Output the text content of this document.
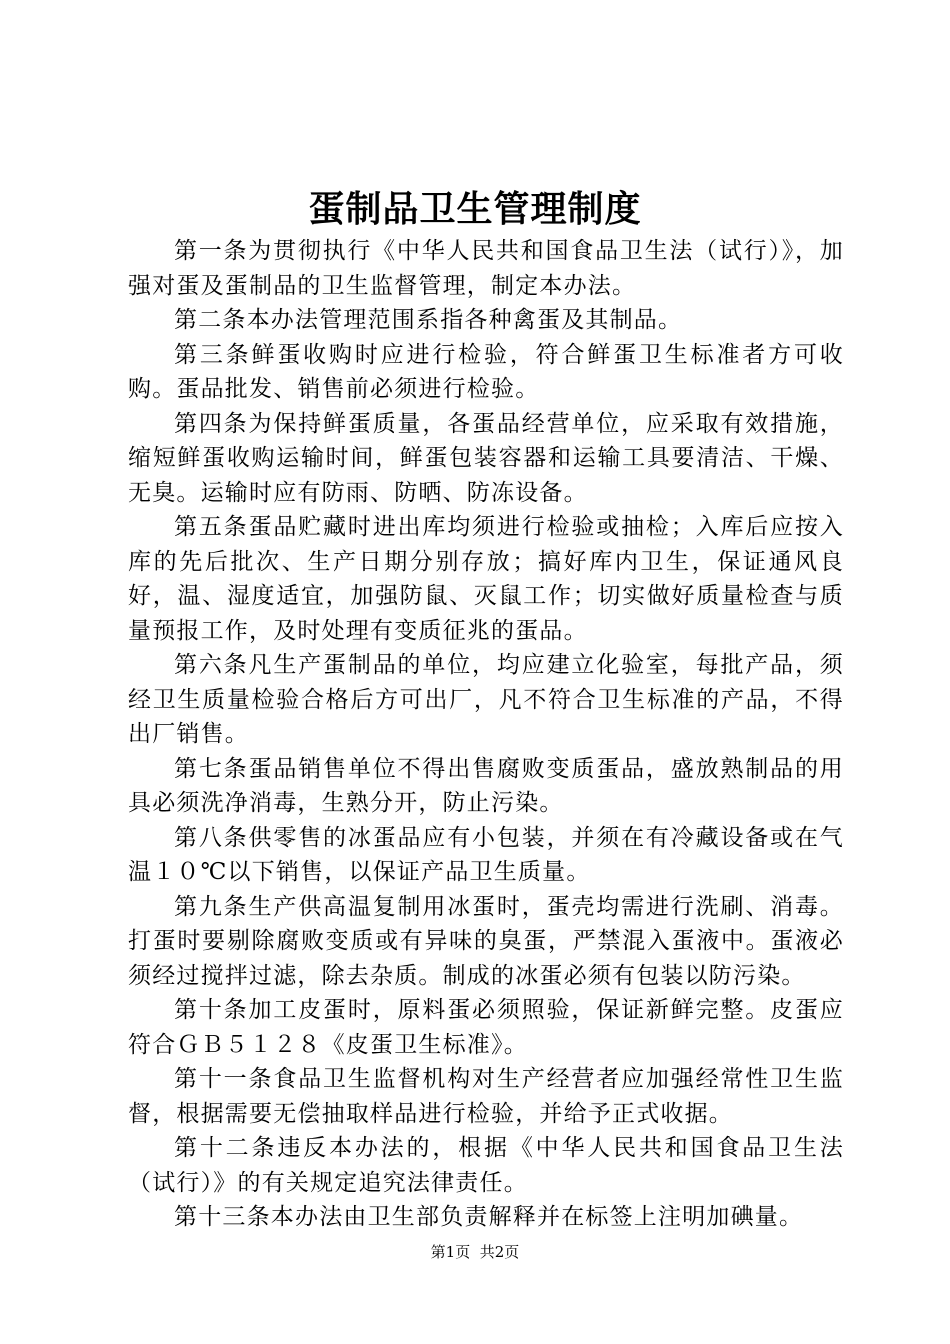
蛋制品卫生管理制度

第一条为贯彻执行《中华人民共和国食品卫生法（试行）》，加强对蛋及蛋制品的卫生监督管理，制定本办法。

第二条本办法管理范围系指各种禽蛋及其制品。

第三条鲜蛋收购时应进行检验，符合鲜蛋卫生标准者方可收购。蛋品批发、销售前必须进行检验。

第四条为保持鲜蛋质量，各蛋品经营单位，应采取有效措施，缩短鲜蛋收购运输时间，鲜蛋包装容器和运输工具要清洁、干燥、无臭。运输时应有防雨、防晒、防冻设备。

第五条蛋品贮藏时进出库均须进行检验或抽检；入库后应按入库的先后批次、生产日期分别存放；搞好库内卫生，保证通风良好，温、湿度适宜，加强防鼠、灭鼠工作；切实做好质量检查与质量预报工作，及时处理有变质征兆的蛋品。

第六条凡生产蛋制品的单位，均应建立化验室，每批产品，须经卫生质量检验合格后方可出厂，凡不符合卫生标准的产品，不得出厂销售。

第七条蛋品销售单位不得出售腐败变质蛋品，盛放熟制品的用具必须洗净消毒，生熟分开，防止污染。

第八条供零售的冰蛋品应有小包装，并须在有冷藏设备或在气温１０℃以下销售，以保证产品卫生质量。

第九条生产供高温复制用冰蛋时，蛋壳均需进行洗刷、消毒。打蛋时要剔除腐败变质或有异味的臭蛋，严禁混入蛋液中。蛋液必须经过搅拌过滤，除去杂质。制成的冰蛋必须有包装以防污染。

第十条加工皮蛋时，原料蛋必须照验，保证新鲜完整。皮蛋应符合ＧＢ５１２８《皮蛋卫生标准》。

第十一条食品卫生监督机构对生产经营者应加强经常性卫生监督，根据需要无偿抽取样品进行检验，并给予正式收据。

第十二条违反本办法的，根据《中华人民共和国食品卫生法（试行）》的有关规定追究法律责任。

第十三条本办法由卫生部负责解释并在标签上注明加碘量。

第1页 共2页
